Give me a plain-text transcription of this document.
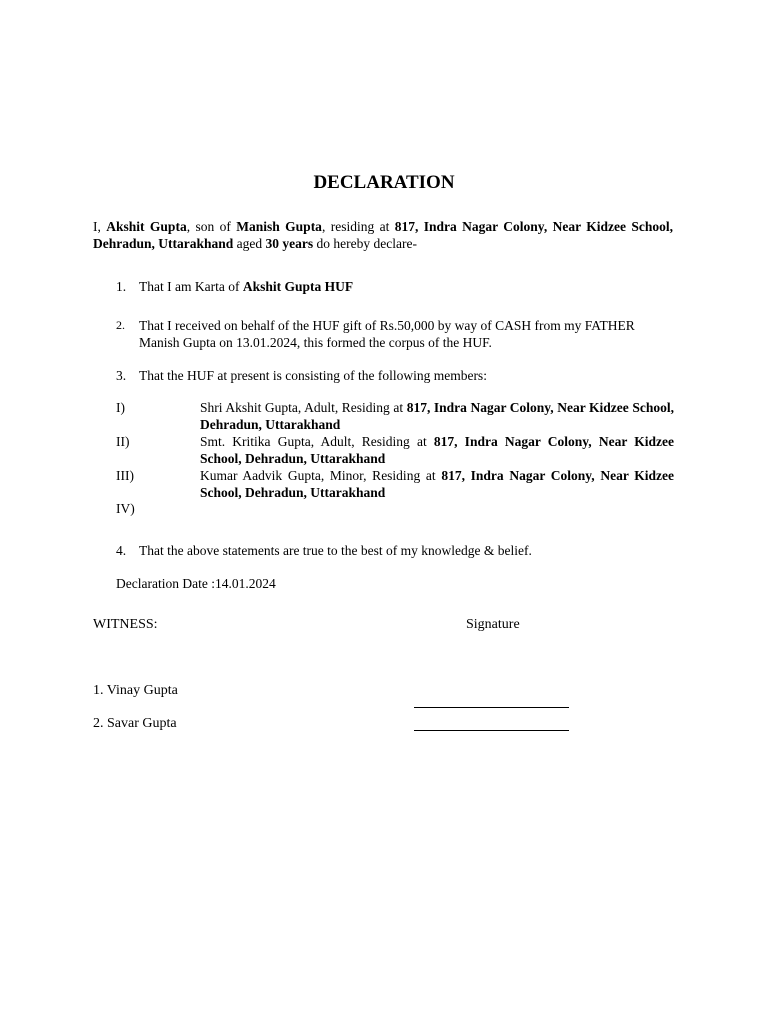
DECLARATION
I, Akshit Gupta, son of Manish Gupta, residing at 817, Indra Nagar Colony, Near Kidzee School, Dehradun, Uttarakhand aged 30 years do hereby declare-
1. That I am Karta of Akshit Gupta HUF
2.	That I received on behalf of the HUF gift of Rs.50,000 by way of CASH from my FATHER Manish Gupta on 13.01.2024, this formed the corpus of the HUF.
3. That the HUF at present is consisting of the following members:
I)	Shri Akshit Gupta, Adult, Residing at 817, Indra Nagar Colony, Near Kidzee School, Dehradun, Uttarakhand
II)	Smt. Kritika Gupta, Adult, Residing at 817, Indra Nagar Colony, Near Kidzee School, Dehradun, Uttarakhand
III)	Kumar Aadvik Gupta, Minor, Residing at 817, Indra Nagar Colony, Near Kidzee School, Dehradun, Uttarakhand
IV)
4. That the above statements are true to the best of my knowledge & belief.
Declaration Date :14.01.2024
WITNESS:	Signature
1. Vinay Gupta
2. Savar Gupta
